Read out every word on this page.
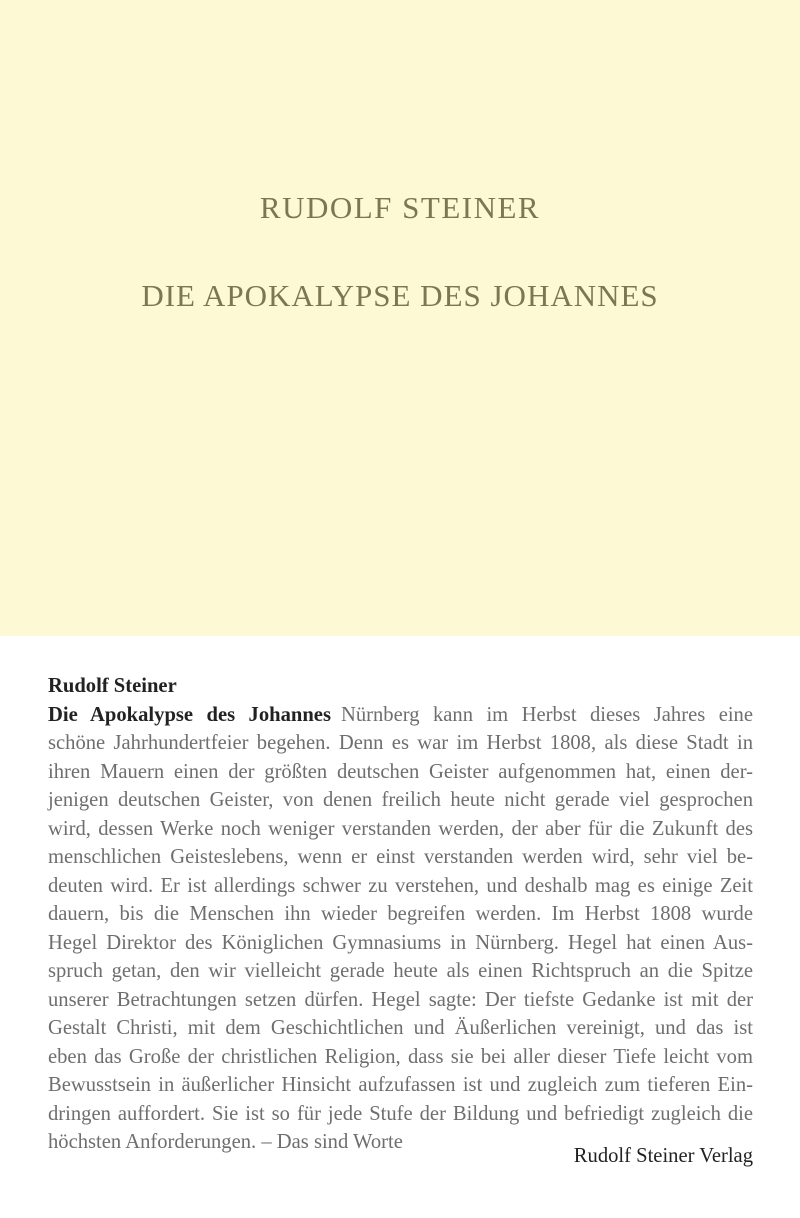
RUDOLF STEINER
DIE APOKALYPSE DES JOHANNES
Rudolf Steiner
Die Apokalypse des Johannes Nürnberg kann im Herbst dieses Jahres eine
schöne Jahrhundertfeier begehen. Denn es war im Herbst 1808, als diese Stadt in
ihren Mauern einen der größten deutschen Geister aufgenommen hat, einen der-
jenigen deutschen Geister, von denen freilich heute nicht gerade viel gesprochen
wird, dessen Werke noch weniger verstanden werden, der aber für die Zukunft des
menschlichen Geisteslebens, wenn er einst verstanden werden wird, sehr viel be-
deuten wird. Er ist allerdings schwer zu verstehen, und deshalb mag es einige Zeit
dauern, bis die Menschen ihn wieder begreifen werden. Im Herbst 1808 wurde
Hegel Direktor des Königlichen Gymnasiums in Nürnberg. Hegel hat einen Aus-
spruch getan, den wir vielleicht gerade heute als einen Richtspruch an die Spitze
unserer Betrachtungen setzen dürfen. Hegel sagte: Der tiefste Gedanke ist mit der
Gestalt Christi, mit dem Geschichtlichen und Äußerlichen vereinigt, und das ist
eben das Große der christlichen Religion, dass sie bei aller dieser Tiefe leicht vom
Bewusstsein in äußerlicher Hinsicht aufzufassen ist und zugleich zum tieferen Ein-
dringen auffordert. Sie ist so für jede Stufe der Bildung und befriedigt zugleich die
höchsten Anforderungen. – Das sind Worte
Rudolf Steiner Verlag
